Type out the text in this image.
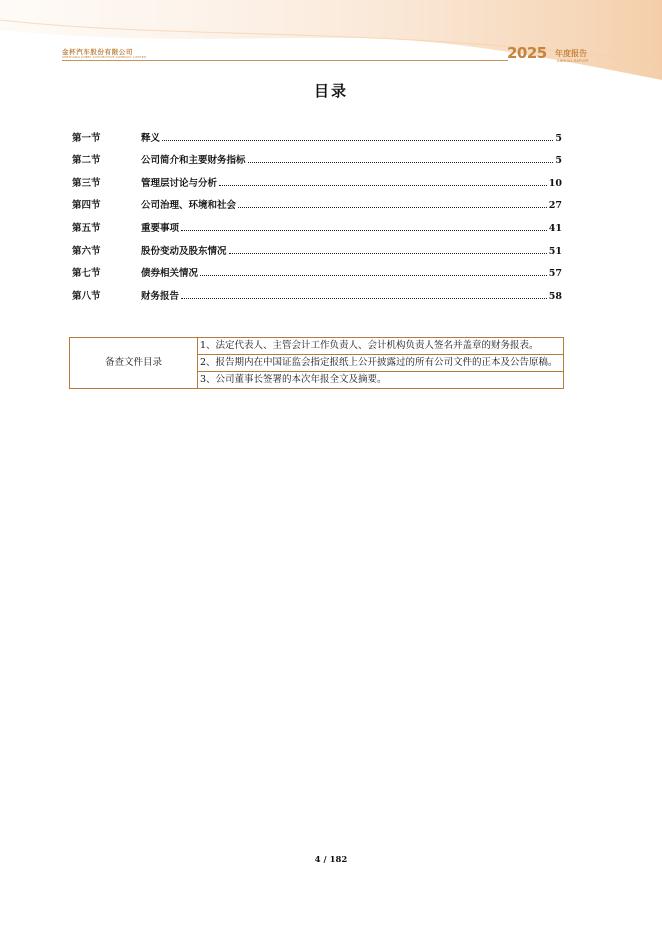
金杯汽车股份有限公司
SHENYANG JINBEI AUTOMOTIVE COMPANY LIMITED	2025 年度报告
ANNUAL REPORT
目录
第一节	释义	5
第二节	公司简介和主要财务指标	5
第三节	管理层讨论与分析	10
第四节	公司治理、环境和社会	27
第五节	重要事项	41
第六节	股份变动及股东情况	51
第七节	债券相关情况	57
第八节	财务报告	58
备查文件目录	1、法定代表人、主管会计工作负责人、会计机构负责人签名并盖章的财务报表。
2、报告期内在中国证监会指定报纸上公开披露过的所有公司文件的正本及公告原稿。
3、公司董事长签署的本次年报全文及摘要。
4 / 182
